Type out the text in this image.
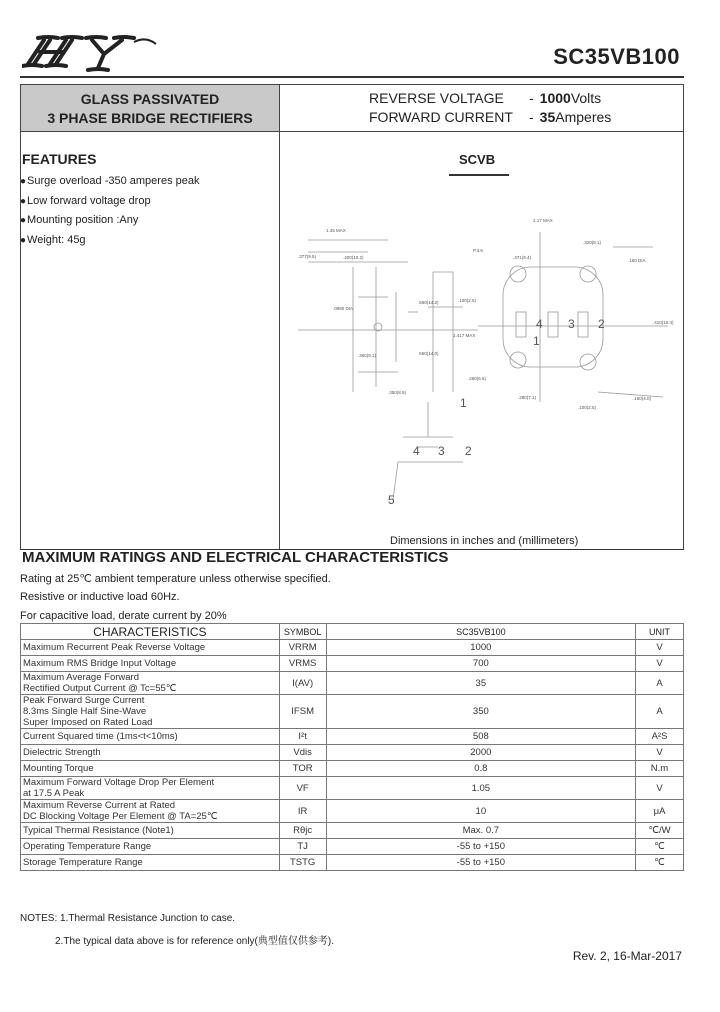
SC35VB100
GLASS PASSIVATED
3 PHASE BRIDGE RECTIFIERS
REVERSE VOLTAGE - 1000Volts
FORWARD CURRENT - 35Amperes
FEATURES
● Surge overload -350 amperes peak
● Low forward voltage drop
● Mounting position :Any
● Weight: 45g
SCVB
1.45 MAX
.377(9.5)	.400(10.2)
.0960 DIA
.560(14.2)	.100(2.5)
1.417 MAX
.360(9.1)	.550(14.0)
.260(6.6)
.350(8.9)
1.17 MAX
.320(8.1)
.160 DIA
.410(10.4)
.280(7.1)
.100(2.5)
.160(4.0)
P.3.6
.371(9.4)
1
4 3 2
1
4 3 2
5
Dimensions in inches and (millimeters)
MAXIMUM RATINGS AND ELECTRICAL CHARACTERISTICS
Rating at 25℃ ambient temperature unless otherwise specified.
Resistive or inductive load 60Hz.
For capacitive load, derate current by 20%
CHARACTERISTICS	SYMBOL	SC35VB100	UNIT

Maximum Recurrent Peak Reverse Voltage	VRRM	1000	V

Maximum RMS Bridge Input Voltage	VRMS	700	V

Maximum Average Forward
Rectified Output Current @ Tc=55℃	I(AV)	35	A

Peak Forward Surge Current
8.3ms Single Half Sine-Wave
Super Imposed on Rated Load	IFSM	350	A

Current Squared time (1ms<t<10ms)	I²t	508	A²S

Dielectric Strength	Vdis	2000	V

Mounting Torque	TOR	0.8	N.m

Maximum Forward Voltage Drop Per Element
at 17.5 A Peak	VF	1.05	V

Maximum Reverse Current at Rated
DC Blocking Voltage Per Element @ TA=25℃	IR	10	μA

Typical Thermal Resistance (Note1)	Rθjc	Max. 0.7	℃/W

Operating Temperature Range	TJ	-55 to +150	℃

Storage Temperature Range	TSTG	-55 to +150	℃
NOTES: 1.Thermal Resistance Junction to case.
2.The typical data above is for reference only(典型值仅供参考).
Rev. 2, 16-Mar-2017
